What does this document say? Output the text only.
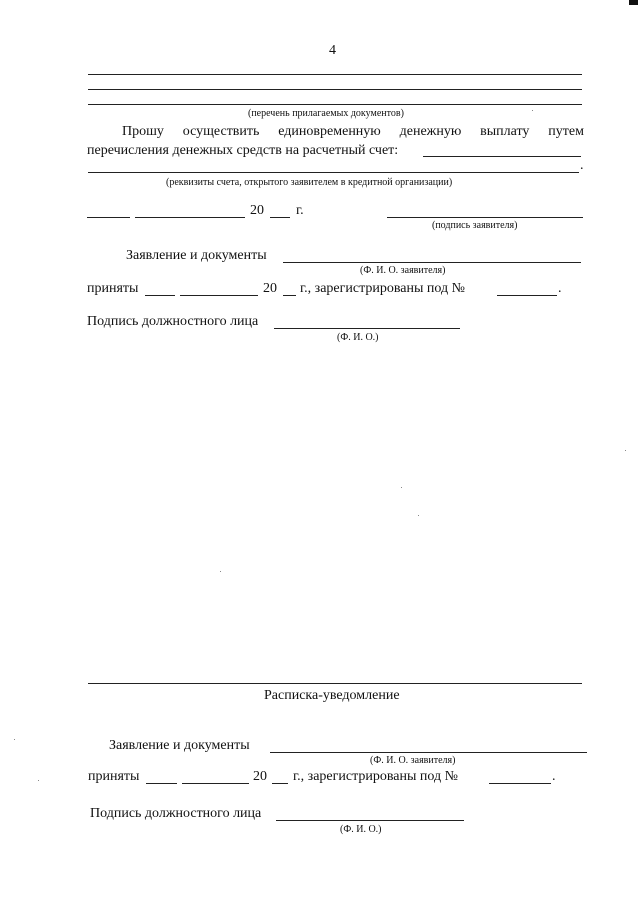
4
(перечень прилагаемых документов)
Прошу осуществить единовременную денежную выплату путем
перечисления денежных средств на расчетный счет:
.
(реквизиты счета, открытого заявителем в кредитной организации)
20 г.
(подпись заявителя)
Заявление и документы
(Ф. И. О. заявителя)
приняты	20 г., зарегистрированы под №	.
Подпись должностного лица
(Ф. И. О.)
Расписка-уведомление
Заявление и документы
(Ф. И. О. заявителя)
приняты	20 г., зарегистрированы под №	.
Подпись должностного лица
(Ф. И. О.)
